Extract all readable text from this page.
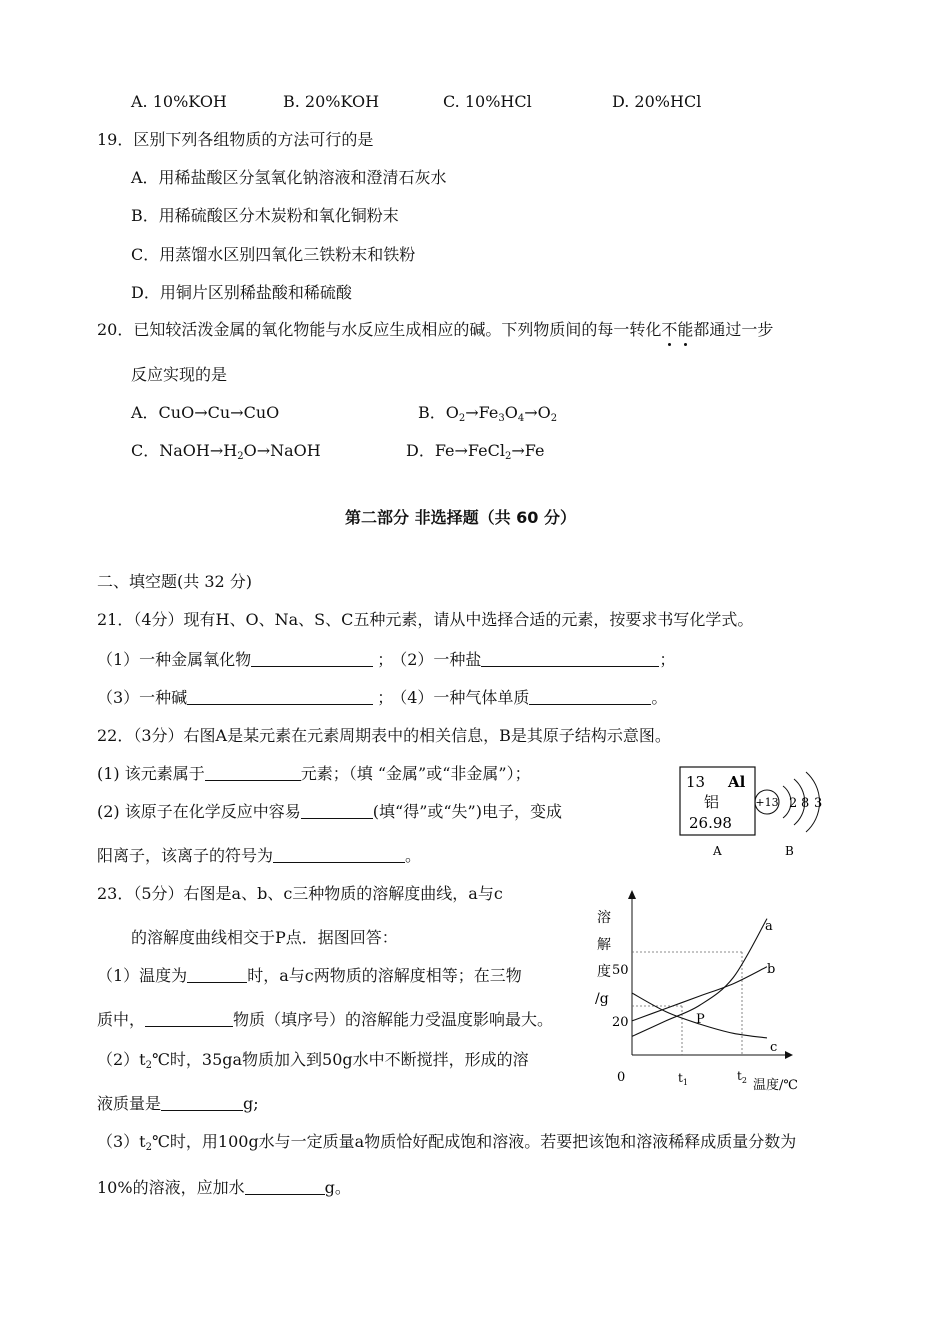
A. 10%KOH	B. 20%KOH	C. 10%HCl	D. 20%HCl
19．区别下列各组物质的方法可行的是
A．用稀盐酸区分氢氧化钠溶液和澄清石灰水
B．用稀硫酸区分木炭粉和氧化铜粉末
C．用蒸馏水区别四氧化三铁粉末和铁粉
D．用铜片区别稀盐酸和稀硫酸
20．已知较活泼金属的氧化物能与水反应生成相应的碱。下列物质间的每一转化不能都通过一步
反应实现的是
A．CuO→Cu→CuO	B．$O_2\to Fe_3O_4\to O_2$
C．$NaOH\to H_2O\to NaOH$	D．Fe→FeCl$_2$→Fe
第二部分 非选择题（共 60 分）
二、填空题(共 32 分)
21．（4分）现有H、O、Na、S、C五种元素，请从中选择合适的元素，按要求书写化学式。
（1）一种金属氧化物	； （2）一种盐	；
（3）一种碱	； （4）一种气体单质	。
22．（3分）右图A是某元素在元素周期表中的相关信息，B是其原子结构示意图。
(1) 该元素属于	元素；（填 “金属”或“非金属”）；
(2) 该原子在化学反应中容易	(填“得”或“失”)电子，变成
阳离子，该离子的符号为	。
13 Al
铝
26.98
A
+13 2 8 3
B
23．（5分）右图是a、b、c三种物质的溶解度曲线，a与c
的溶解度曲线相交于P点．据图回答：
（1）温度为	时，a与c两物质的溶解度相等；在三物
质中，	物质（填序号）的溶解能力受温度影响最大。
$(2)t_2℃$时，35ga物质加入到50g水中不断搅拌，形成的溶
液质量是	g;
$(3)t_2℃$时，用100g水与一定质量a物质恰好配成饱和溶液。若要把该饱和溶液稀释成质量分数为
10%的溶液，应加水	g。
溶
解
度
/g
50
20
0	$t_1$	$t_2$ 温度/℃
P
a
b
c
